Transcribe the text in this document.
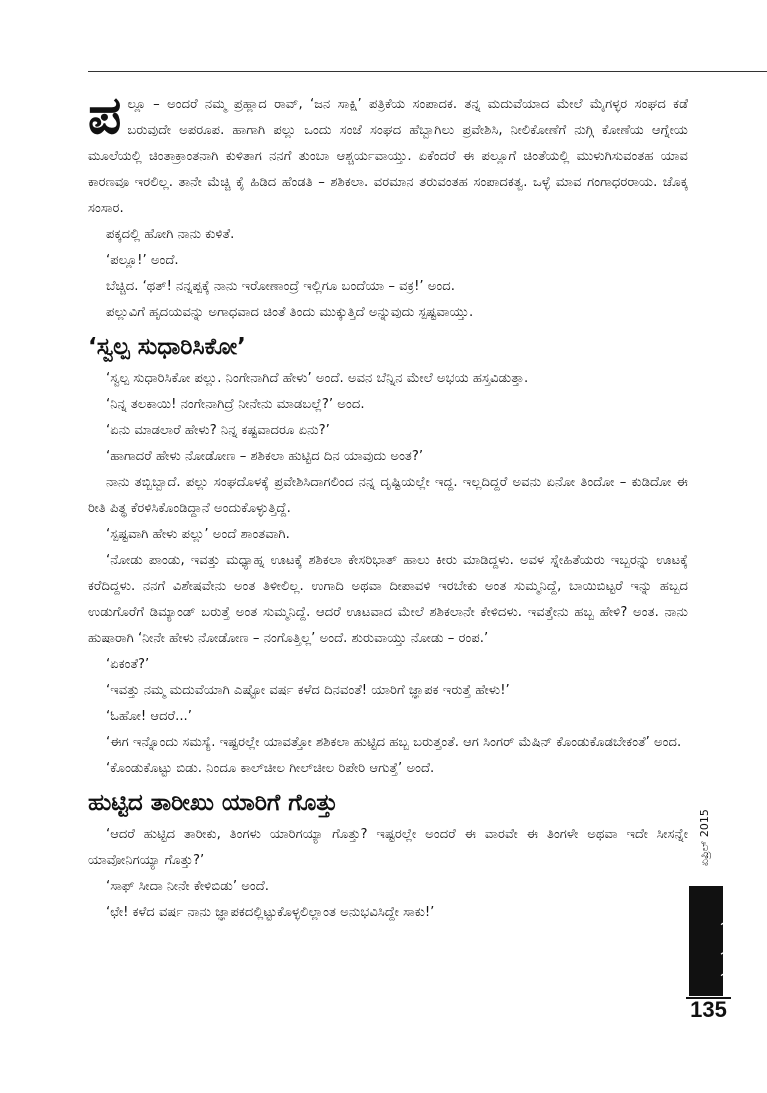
ಪಲ್ಲೂ – ಅಂದರೆ ನಮ್ಮ ಪ್ರಹ್ಲಾದ ರಾವ್, ‘ಜನ ಸಾಕ್ಷಿ’ ಪತ್ರಿಕೆಯ ಸಂಪಾದಕ. ತನ್ನ ಮದುವೆಯಾದ ಮೇಲೆ ಮೈಗಳ್ಳರ ಸಂಘದ ಕಡೆ ಬರುವುದೇ ಅಪರೂಪ. ಹಾಗಾಗಿ ಪಲ್ಲು ಒಂದು ಸಂಜೆ ಸಂಘದ ಹೆಬ್ಬಾಗಿಲು ಪ್ರವೇಶಿಸಿ, ನೀಲಿಕೋಣೆಗೆ ನುಗ್ಗಿ ಕೋಣೆಯ ಆಗ್ನೇಯ ಮೂಲೆಯಲ್ಲಿ ಚಿಂತಾಕ್ರಾಂತನಾಗಿ ಕುಳಿತಾಗ ನನಗೆ ತುಂಬಾ ಆಶ್ಚರ್ಯವಾಯ್ತು. ಏಕೆಂದರೆ ಈ ಪಲ್ಲೂಗೆ ಚಿಂತೆಯಲ್ಲಿ ಮುಳುಗಿಸುವಂತಹ ಯಾವ ಕಾರಣವೂ ಇರಲಿಲ್ಲ. ತಾನೇ ಮೆಚ್ಚಿ ಕೈ ಹಿಡಿದ ಹೆಂಡತಿ – ಶಶಿಕಲಾ. ವರಮಾನ ತರುವಂತಹ ಸಂಪಾದಕತ್ವ. ಒಳ್ಳೆ ಮಾವ ಗಂಗಾಧರರಾಯ. ಚೊಕ್ಕ ಸಂಸಾರ.

ಪಕ್ಕದಲ್ಲಿ ಹೋಗಿ ನಾನು ಕುಳಿತೆ.

‘ಪಲ್ಲೂ!’ ಅಂದೆ.

ಬೆಚ್ಚಿದ. ‘ಥತ್! ನನ್ನಪ್ಪಕ್ಕೆ ನಾನು ಇರೋಣಾಂದ್ರೆ ಇಲ್ಲಿಗೂ ಬಂದೆಯಾ – ವಕ್ರ!’ ಅಂದ.

ಪಲ್ಲುವಿಗೆ ಹೃದಯವನ್ನು ಅಗಾಧವಾದ ಚಿಂತೆ ತಿಂದು ಮುಕ್ಕುತ್ತಿದೆ ಅನ್ನುವುದು ಸ್ಪಷ್ಟವಾಯ್ತು.

‘ಸ್ವಲ್ಪ ಸುಧಾರಿಸಿಕೋ’

‘ಸ್ವಲ್ಪ ಸುಧಾರಿಸಿಕೋ ಪಲ್ಲು. ನಿಂಗೇನಾಗಿದೆ ಹೇಳು’ ಅಂದೆ. ಅವನ ಬೆನ್ನಿನ ಮೇಲೆ ಅಭಯ ಹಸ್ತವಿಡುತ್ತಾ.

‘ನಿನ್ನ ತಲಕಾಯಿ! ನಂಗೇನಾಗಿದ್ರೆ ನೀನೇನು ಮಾಡಬಲ್ಲೆ?’ ಅಂದ.

‘ಏನು ಮಾಡಲಾರೆ ಹೇಳು? ನಿನ್ನ ಕಷ್ಟವಾದರೂ ಏನು?’

‘ಹಾಗಾದರೆ ಹೇಳು ನೋಡೋಣ – ಶಶಿಕಲಾ ಹುಟ್ಟಿದ ದಿನ ಯಾವುದು ಅಂತ?’

ನಾನು ತಬ್ಬಿಬ್ಬಾದೆ. ಪಲ್ಲು ಸಂಘದೊಳಕ್ಕೆ ಪ್ರವೇಶಿಸಿದಾಗಲಿಂದ ನನ್ನ ದೃಷ್ಟಿಯಲ್ಲೇ ಇದ್ದ. ಇಲ್ಲದಿದ್ದರೆ ಅವನು ಏನೋ ತಿಂದೋ – ಕುಡಿದೋ ಈ ರೀತಿ ಪಿತ್ಥ ಕೆರಳಿಸಿಕೊಂಡಿದ್ದಾನೆ ಅಂದುಕೊಳ್ಳುತ್ತಿದ್ದೆ.

‘ಸ್ಪಷ್ಟವಾಗಿ ಹೇಳು ಪಲ್ಲು’ ಅಂದೆ ಶಾಂತವಾಗಿ.

‘ನೋಡು ಪಾಂಡು, ಇವತ್ತು ಮಧ್ಯಾಹ್ನ ಊಟಕ್ಕೆ ಶಶಿಕಲಾ ಕೇಸರಿಭಾತ್ ಹಾಲು ಕೀರು ಮಾಡಿದ್ದಳು. ಅವಳ ಸ್ನೇಹಿತೆಯರು ಇಬ್ಬರನ್ನು ಊಟಕ್ಕೆ ಕರೆದಿದ್ದಳು. ನನಗೆ ವಿಶೇಷವೇನು ಅಂತ ತಿಳೀಲಿಲ್ಲ. ಉಗಾದಿ ಅಥವಾ ದೀಪಾವಳಿ ಇರಬೇಕು ಅಂತ ಸುಮ್ಮನಿದ್ದೆ, ಬಾಯಿಬಿಟ್ಟರೆ ಇನ್ನು ಹಬ್ಬದ ಉಡುಗೊರೆಗೆ ಡಿಮ್ಯಾಂಡ್ ಬರುತ್ತೆ ಅಂತ ಸುಮ್ಮನಿದ್ದೆ. ಆದರೆ ಊಟವಾದ ಮೇಲೆ ಶಶಿಕಲಾನೇ ಕೇಳಿದಳು. ಇವತ್ತೇನು ಹಬ್ಬ ಹೇಳಿ? ಅಂತ. ನಾನು ಹುಷಾರಾಗಿ ‘ನೀನೇ ಹೇಳು ನೋಡೋಣ – ನಂಗೊತ್ತಿಲ್ಲ’ ಅಂದೆ. ಶುರುವಾಯ್ತು ನೋಡು – ರಂಪ.’

‘ಏಕಂತೆ?’

‘ಇವತ್ತು ನಮ್ಮ ಮದುವೆಯಾಗಿ ಎಷ್ಟೋ ವರ್ಷ ಕಳೆದ ದಿನವಂತೆ! ಯಾರಿಗೆ ಜ್ಞಾಪಕ ಇರುತ್ತೆ ಹೇಳು!’

‘ಓಹೋ! ಆದರೆ...’

‘ಈಗ ಇನ್ನೊಂದು ಸಮಸ್ಯೆ. ಇಷ್ಟರಲ್ಲೇ ಯಾವತ್ತೋ ಶಶಿಕಲಾ ಹುಟ್ಟಿದ ಹಬ್ಬ ಬರುತ್ತಂತೆ. ಆಗ ಸಿಂಗರ್ ಮೆಷಿನ್ ಕೊಂಡುಕೊಡಬೇಕಂತೆ’ ಅಂದ.

‘ಕೊಂಡುಕೊಟ್ಟು ಬಿಡು. ನಿಂದೂ ಕಾಲ್‌ಚೀಲ ಗೀಲ್‌ಚೀಲ ರಿಪೇರಿ ಆಗುತ್ತೆ’ ಅಂದೆ.

ಹುಟ್ಟಿದ ತಾರೀಖು ಯಾರಿಗೆ ಗೊತ್ತು

‘ಆದರೆ ಹುಟ್ಟಿದ ತಾರೀಕು, ತಿಂಗಳು ಯಾರಿಗಯ್ಯಾ ಗೊತ್ತು? ಇಷ್ಟರಲ್ಲೇ ಅಂದರೆ ಈ ವಾರವೇ ಈ ತಿಂಗಳೇ ಅಥವಾ ಇದೇ ಸೀಸನ್ನೇ ಯಾವೋನಿಗಯ್ಯಾ ಗೊತ್ತು?’

‘ಸಾಫ್ ಸೀದಾ ನೀನೇ ಕೇಳಿಬಿಡು’ ಅಂದೆ.

‘ಛೇ! ಕಳೆದ ವರ್ಷ ನಾನು ಜ್ಞಾಪಕದಲ್ಲಿಟ್ಟುಕೊಳ್ಳಲಿಲ್ಲಾಂತ ಅನುಭವಿಸಿದ್ದೇ ಸಾಕು!’

ಏಪ್ರಿಲ್ 2015
ಮಯೂರ
135
